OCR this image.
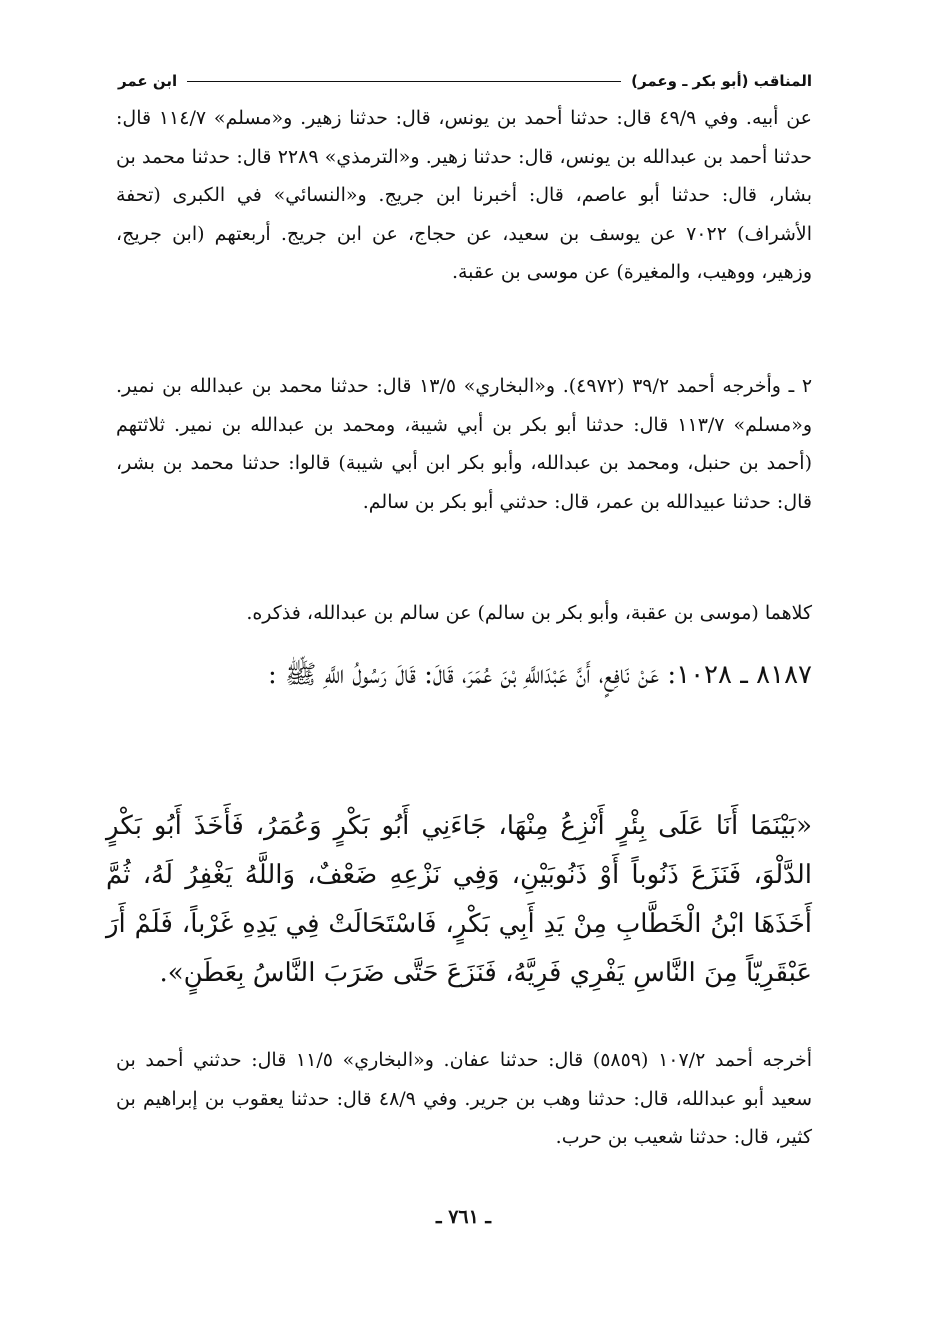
المناقب (أبو بكر ـ وعمر)
ابن عمر

عن أبيه. وفي ٤٩/٩ قال: حدثنا أحمد بن يونس، قال: حدثنا زهير. و«مسلم» ١١٤/٧ قال: حدثنا أحمد بن عبدالله بن يونس، قال: حدثنا زهير. و«الترمذي» ٢٢٨٩ قال: حدثنا محمد بن بشار، قال: حدثنا أبو عاصم، قال: أخبرنا ابن جريج. و«النسائي» في الكبرى (تحفة الأشراف) ٧٠٢٢ عن يوسف بن سعيد، عن حجاج، عن ابن جريج. أربعتهم (ابن جريج، وزهير، ووهيب، والمغيرة) عن موسى بن عقبة.

٢ ـ وأخرجه أحمد ٣٩/٢ (٤٩٧٢). و«البخاري» ١٣/٥ قال: حدثنا محمد بن عبدالله بن نمير. و«مسلم» ١١٣/٧ قال: حدثنا أبو بكر بن أبي شيبة، ومحمد بن عبدالله بن نمير. ثلاثتهم (أحمد بن حنبل، ومحمد بن عبدالله، وأبو بكر ابن أبي شيبة) قالوا: حدثنا محمد بن بشر، قال: حدثنا عبيدالله بن عمر، قال: حدثني أبو بكر بن سالم.

كلاهما (موسى بن عقبة، وأبو بكر بن سالم) عن سالم بن عبدالله، فذكره.

٨١٨٧ ـ ١٠٢٨: عَنْ نَافِعٍ، أَنَّ عَبْدَاللَّهِ بْنَ عُمَرَ، قَالَ: قَالَ رَسُولُ اللَّهِ ﷺ :

«بَيْنَمَا أَنَا عَلَى بِئْرٍ أَنْزِعُ مِنْهَا، جَاءَنِي أَبُو بَكْرٍ وَعُمَرُ، فَأَخَذَ أَبُو بَكْرٍ الدَّلْوَ، فَنَزَعَ ذَنُوباً أَوْ ذَنُوبَيْنِ، وَفِي نَزْعِهِ ضَعْفٌ، وَاللَّهُ يَغْفِرُ لَهُ، ثُمَّ أَخَذَهَا ابْنُ الْخَطَّابِ مِنْ يَدِ أَبِي بَكْرٍ، فَاسْتَحَالَتْ فِي يَدِهِ غَرْباً، فَلَمْ أَرَ عَبْقَرِيّاً مِنَ النَّاسِ يَفْرِي فَرِيَّهُ، فَنَزَعَ حَتَّى ضَرَبَ النَّاسُ بِعَطَنٍ».

أخرجه أحمد ١٠٧/٢ (٥٨٥٩) قال: حدثنا عفان. و«البخاري» ١١/٥ قال: حدثني أحمد بن سعيد أبو عبدالله، قال: حدثنا وهب بن جرير. وفي ٤٨/٩ قال: حدثنا يعقوب بن إبراهيم بن كثير، قال: حدثنا شعيب بن حرب.

ـ ٧٦١ ـ
